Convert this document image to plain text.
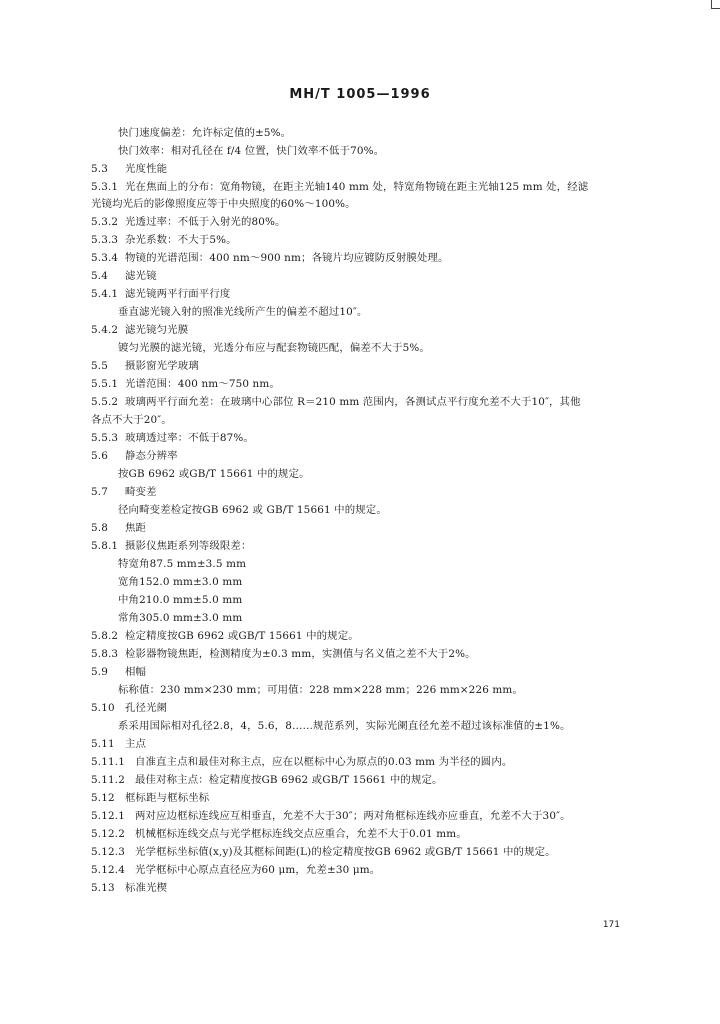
MH/T 1005—1996
快门速度偏差：允许标定值的±5%。
快门效率：相对孔径在 f/4 位置，快门效率不低于70%。
5.3 光度性能
5.3.1 光在焦面上的分布：宽角物镜，在距主光轴140 mm 处，特宽角物镜在距主光轴125 mm 处，经滤
光镜均光后的影像照度应等于中央照度的60%～100%。
5.3.2 光透过率：不低于入射光的80%。
5.3.3 杂光系数：不大于5%。
5.3.4 物镜的光谱范围：400 nm～900 nm；各镜片均应镀防反射膜处理。
5.4 滤光镜
5.4.1 滤光镜两平行面平行度
垂直滤光镜入射的照准光线所产生的偏差不超过10″。
5.4.2 滤光镜匀光膜
镀匀光膜的滤光镜，光透分布应与配套物镜匹配，偏差不大于5%。
5.5 摄影窗光学玻璃
5.5.1 光谱范围：400 nm～750 nm。
5.5.2 玻璃两平行面允差：在玻璃中心部位 R＝210 mm 范围内，各测试点平行度允差不大于10″，其他
各点不大于20″。
5.5.3 玻璃透过率：不低于87%。
5.6 静态分辨率
按GB 6962 或GB/T 15661 中的规定。
5.7 畸变差
径向畸变差检定按GB 6962 或 GB/T 15661 中的规定。
5.8 焦距
5.8.1 摄影仪焦距系列等级限差：
特宽角87.5 mm±3.5 mm
宽角152.0 mm±3.0 mm
中角210.0 mm±5.0 mm
常角305.0 mm±3.0 mm
5.8.2 检定精度按GB 6962 或GB/T 15661 中的规定。
5.8.3 检影器物镜焦距，检测精度为±0.3 mm，实测值与名义值之差不大于2%。
5.9 相幅
标称值：230 mm×230 mm；可用值：228 mm×228 mm；226 mm×226 mm。
5.10 孔径光阑
系采用国际相对孔径2.8，4，5.6，8……规范系列，实际光阑直径允差不超过该标准值的±1%。
5.11 主点
5.11.1 自准直主点和最佳对称主点，应在以框标中心为原点的0.03 mm 为半径的圆内。
5.11.2 最佳对称主点：检定精度按GB 6962 或GB/T 15661 中的规定。
5.12 框标距与框标坐标
5.12.1 两对应边框标连线应互相垂直，允差不大于30″；两对角框标连线亦应垂直，允差不大于30″。
5.12.2 机械框标连线交点与光学框标连线交点应重合，允差不大于0.01 mm。
5.12.3 光学框标坐标值(x,y)及其框标间距(L)的检定精度按GB 6962 或GB/T 15661 中的规定。
5.12.4 光学框标中心原点直径应为60 μm，允差±30 μm。
5.13 标准光楔
171
